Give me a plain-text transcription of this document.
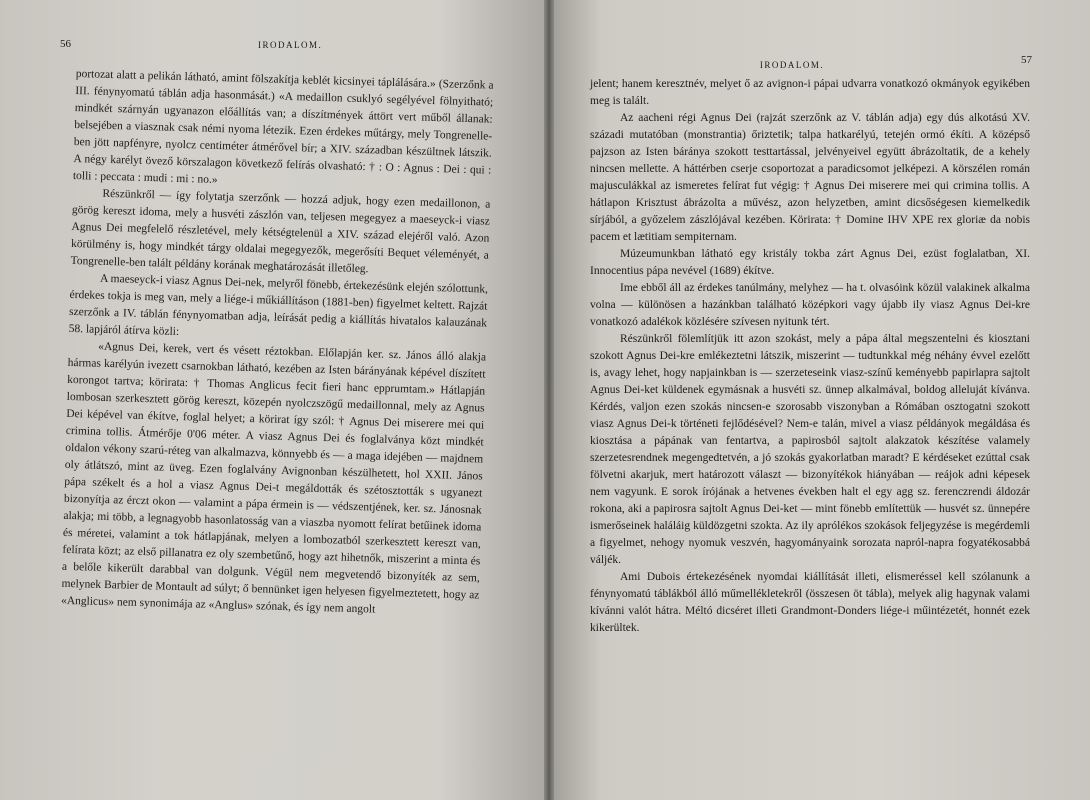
56	IRODALOM.

portozat alatt a pelikán látható, amint fölszakítja keblét kicsinyei táplálására.» (Szerzőnk a III. fénynyomatú táblán adja hasonmását.) «A medaillon csuklyó segélyével fölnyitható; mindkét szárnyán ugyanazon előállítás van; a díszítmények áttört vert műből állanak: belsejében a viasznak csak némi nyoma létezik. Ezen érdekes műtárgy, mely Tongrenelle-ben jött napfényre, nyolcz centiméter átmérővel bír; a XIV. században készültnek látszik. A négy karélyt övező körszalagon következő felírás olvasható: † : O : Agnus : Dei : qui : tolli : peccata : mudi : mi : no.»

Részünkről — így folytatja szerzőnk — hozzá adjuk, hogy ezen medaillonon, a görög kereszt idoma, mely a husvéti zászlón van, teljesen megegyez a maeseyck-i viasz Agnus Dei megfelelő részletével, mely kétségtelenül a XIV. század elejéről való. Azon körülmény is, hogy mindkét tárgy oldalai megegyezők, megerősíti Bequet véleményét, a Tongrenelle-ben talált példány korának meghatározását illetőleg.

A maeseyck-i viasz Agnus Dei-nek, melyről fönebb, értekezésünk elején szólottunk, érdekes tokja is meg van, mely a liége-i műkiállításon (1881-ben) figyelmet keltett. Rajzát szerzőnk a IV. táblán fénynyomatban adja, leírását pedig a kiállítás hivatalos kalauzának 58. lapjáról átírva közli:

«Agnus Dei, kerek, vert és vésett réztokban. Előlapján ker. sz. János álló alakja hármas karélyún ivezett csarnokban látható, kezében az Isten bárányának képével díszített korongot tartva; körirata: † Thomas Anglicus fecit fieri hanc epprumtam.» Hátlapján lombosan szerkesztett görög kereszt, közepén nyolczszögű medaillonnal, mely az Agnus Dei képével van ékítve, foglal helyet; a körirat így szól: † Agnus Dei miserere mei qui crimina tollis. Átmérője 0'06 méter. A viasz Agnus Dei és foglalványa közt mindkét oldalon vékony szarú-réteg van alkalmazva, könnyebb és — a maga idejében — majdnem oly átlátszó, mint az üveg. Ezen foglalvány Avignonban készülhetett, hol XXII. János pápa székelt és a hol a viasz Agnus Dei-t megáldották és szétosztották s ugyanezt bizonyítja az érczt okon — valamint a pápa érmein is — védszentjének, ker. sz. Jánosnak alakja; mi több, a legnagyobb hasonlatosság van a viaszba nyomott felírat betűinek idoma és méretei, valamint a tok hátlapjának, melyen a lombozatból szerkesztett kereszt van, felírata közt; az első pillanatra ez oly szembetűnő, hogy azt hihetnők, miszerint a minta és a belőle kikerült darabbal van dolgunk. Végül nem megvetendő bizonyíték az sem, melynek Barbier de Montault ad súlyt; ő bennünket igen helyesen figyelmeztetett, hogy az «Anglicus» nem synonimája az «Anglus» szónak, és így nem angolt

IRODALOM.	57

jelent; hanem keresztnév, melyet ő az avignon-i pápai udvarra vonatkozó okmányok egyikében meg is talált.

Az aacheni régi Agnus Dei (rajzát szerzőnk az V. táblán adja) egy dús alkotású XV. századi mutatóban (monstrantia) őriztetik; talpa hatkarélyú, tetején ormó ékíti. A középső pajzson az Isten báránya szokott testtartással, jelvényeivel együtt ábrázoltatik, de a kehely nincsen mellette. A háttérben cserje csoportozat a paradicsomot jelképezi. A körszélen román majusculákkal az ismeretes felírat fut végig: † Agnus Dei miserere mei qui crimina tollis. A hátlapon Krisztust ábrázolta a művész, azon helyzetben, amint dicsőségesen kiemelkedik sírjából, a győzelem zászlójával kezében. Körirata: † Domine IHV XPE rex gloriæ da nobis pacem et lætitiam sempiternam.

Múzeumunkban látható egy kristály tokba zárt Agnus Dei, ezüst foglalatban, XI. Innocentius pápa nevével (1689) ékítve.

Ime ebből áll az érdekes tanúlmány, melyhez — ha t. olvasóink közül valakinek alkalma volna — különösen a hazánkban található középkori vagy újabb ily viasz Agnus Dei-kre vonatkozó adalékok közlésére szívesen nyitunk tért.

Részünkről fölemlítjük itt azon szokást, mely a pápa által megszentelni és kiosztani szokott Agnus Dei-kre emlékeztetni látszik, miszerint — tudtunkkal még néhány évvel ezelőtt is, avagy lehet, hogy napjainkban is — szerzeteseink viasz-színű keményebb papirlapra sajtolt Agnus Dei-ket küldenek egymásnak a husvéti sz. ünnep alkalmával, boldog alleluját kívánva. Kérdés, valjon ezen szokás nincsen-e szorosabb viszonyban a Rómában osztogatni szokott viasz Agnus Dei-k történeti fejlődésével? Nem-e talán, mivel a viasz példányok megáldása és kiosztása a pápának van fentartva, a papirosból sajtolt alakzatok készítése valamely szerzetesrendnek megengedtetvén, a jó szokás gyakorlatban maradt? E kérdéseket ezúttal csak fölvetni akarjuk, mert határozott választ — bizonyítékok hiányában — reájok adni képesek nem vagyunk. E sorok írójának a hetvenes években halt el egy agg sz. ferenczrendi áldozár rokona, aki a papirosra sajtolt Agnus Dei-ket — mint fönebb említettük — husvét sz. ünnepére ismerőseinek haláláig küldözgetni szokta. Az ily aprólékos szokások feljegyzése is megérdemli a figyelmet, nehogy nyomuk veszvén, hagyományaink sorozata napról-napra fogyatékosabbá váljék.

Ami Dubois értekezésének nyomdai kiállítását illeti, elismeréssel kell szólanunk a fénynyomatú táblákból álló műmellékletekről (összesen öt tábla), melyek alig hagynak valami kívánni valót hátra. Méltó dicséret illeti Grandmont-Donders liége-i műintézetét, honnét ezek kikerültek.
